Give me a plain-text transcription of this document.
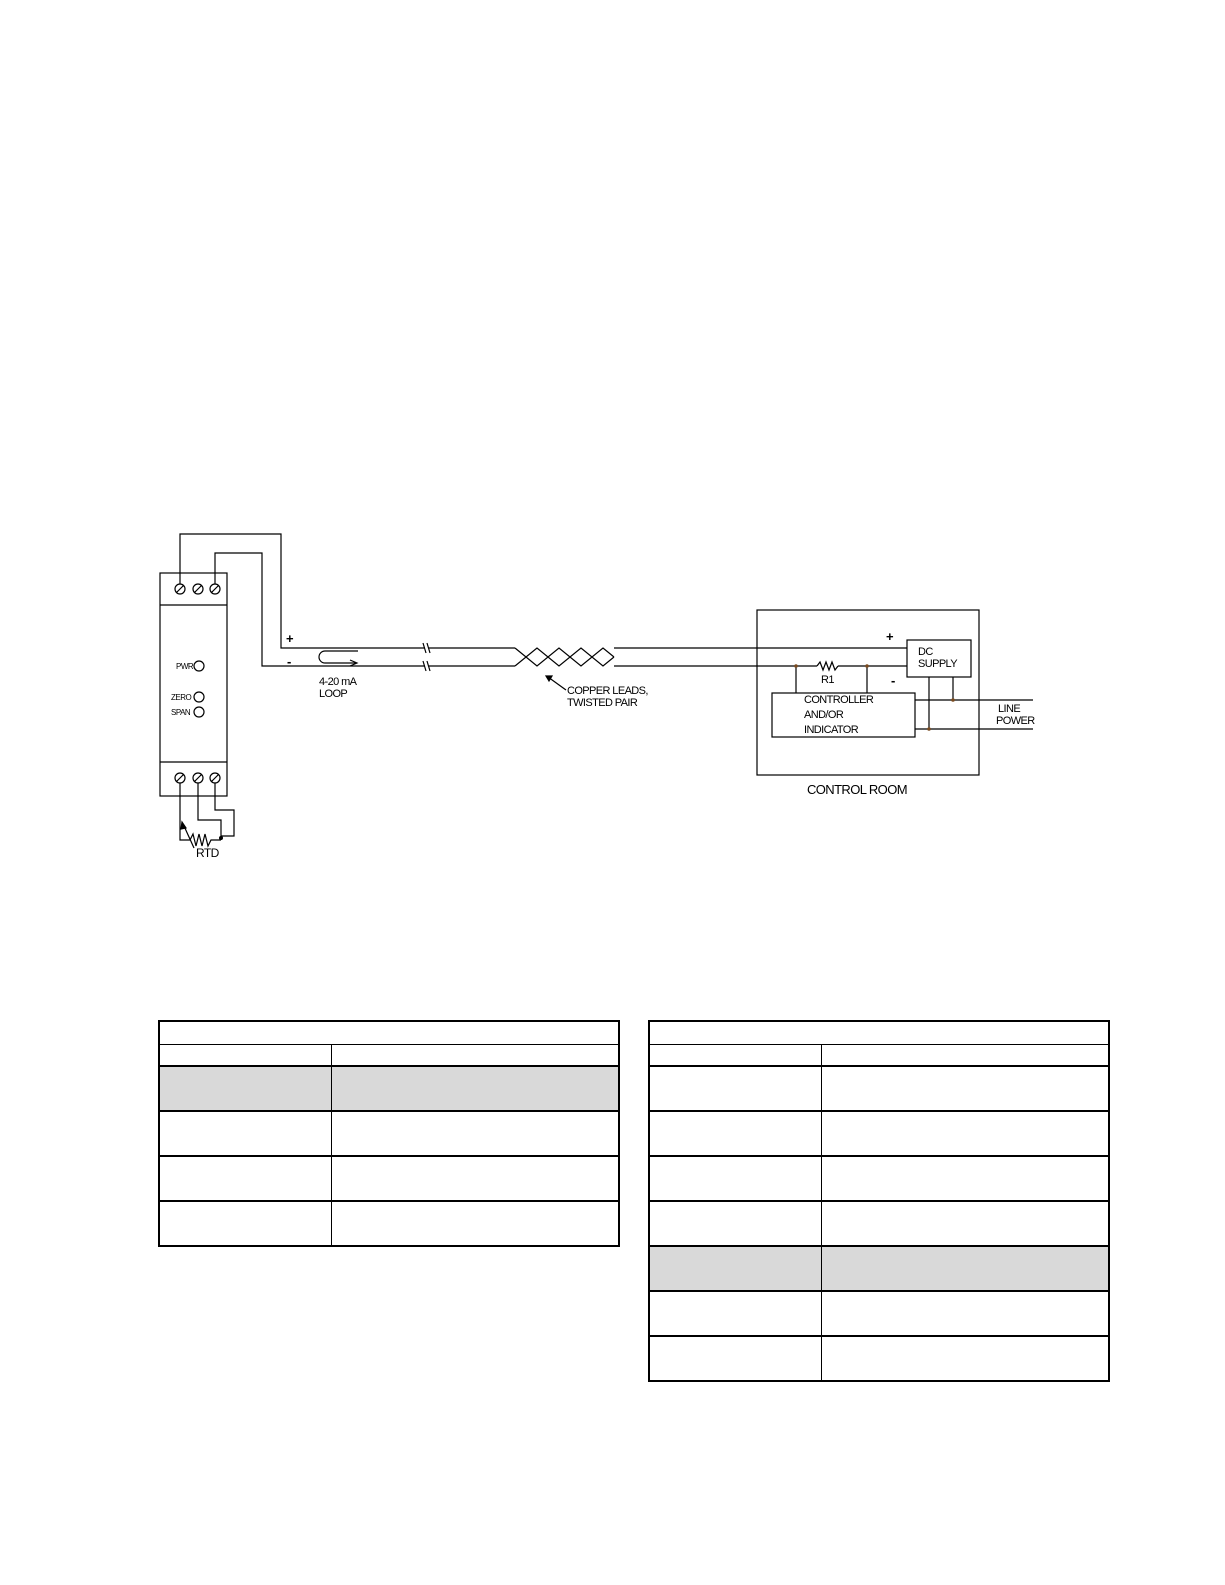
PWR
ZERO
SPAN
RTD
+
-
4-20 mA
LOOP	COPPER LEADS,
TWISTED PAIR
+
-
R1
DC
SUPPLY
CONTROLLER
AND/OR
INDICATOR
CONTROL ROOM
LINE
POWER
